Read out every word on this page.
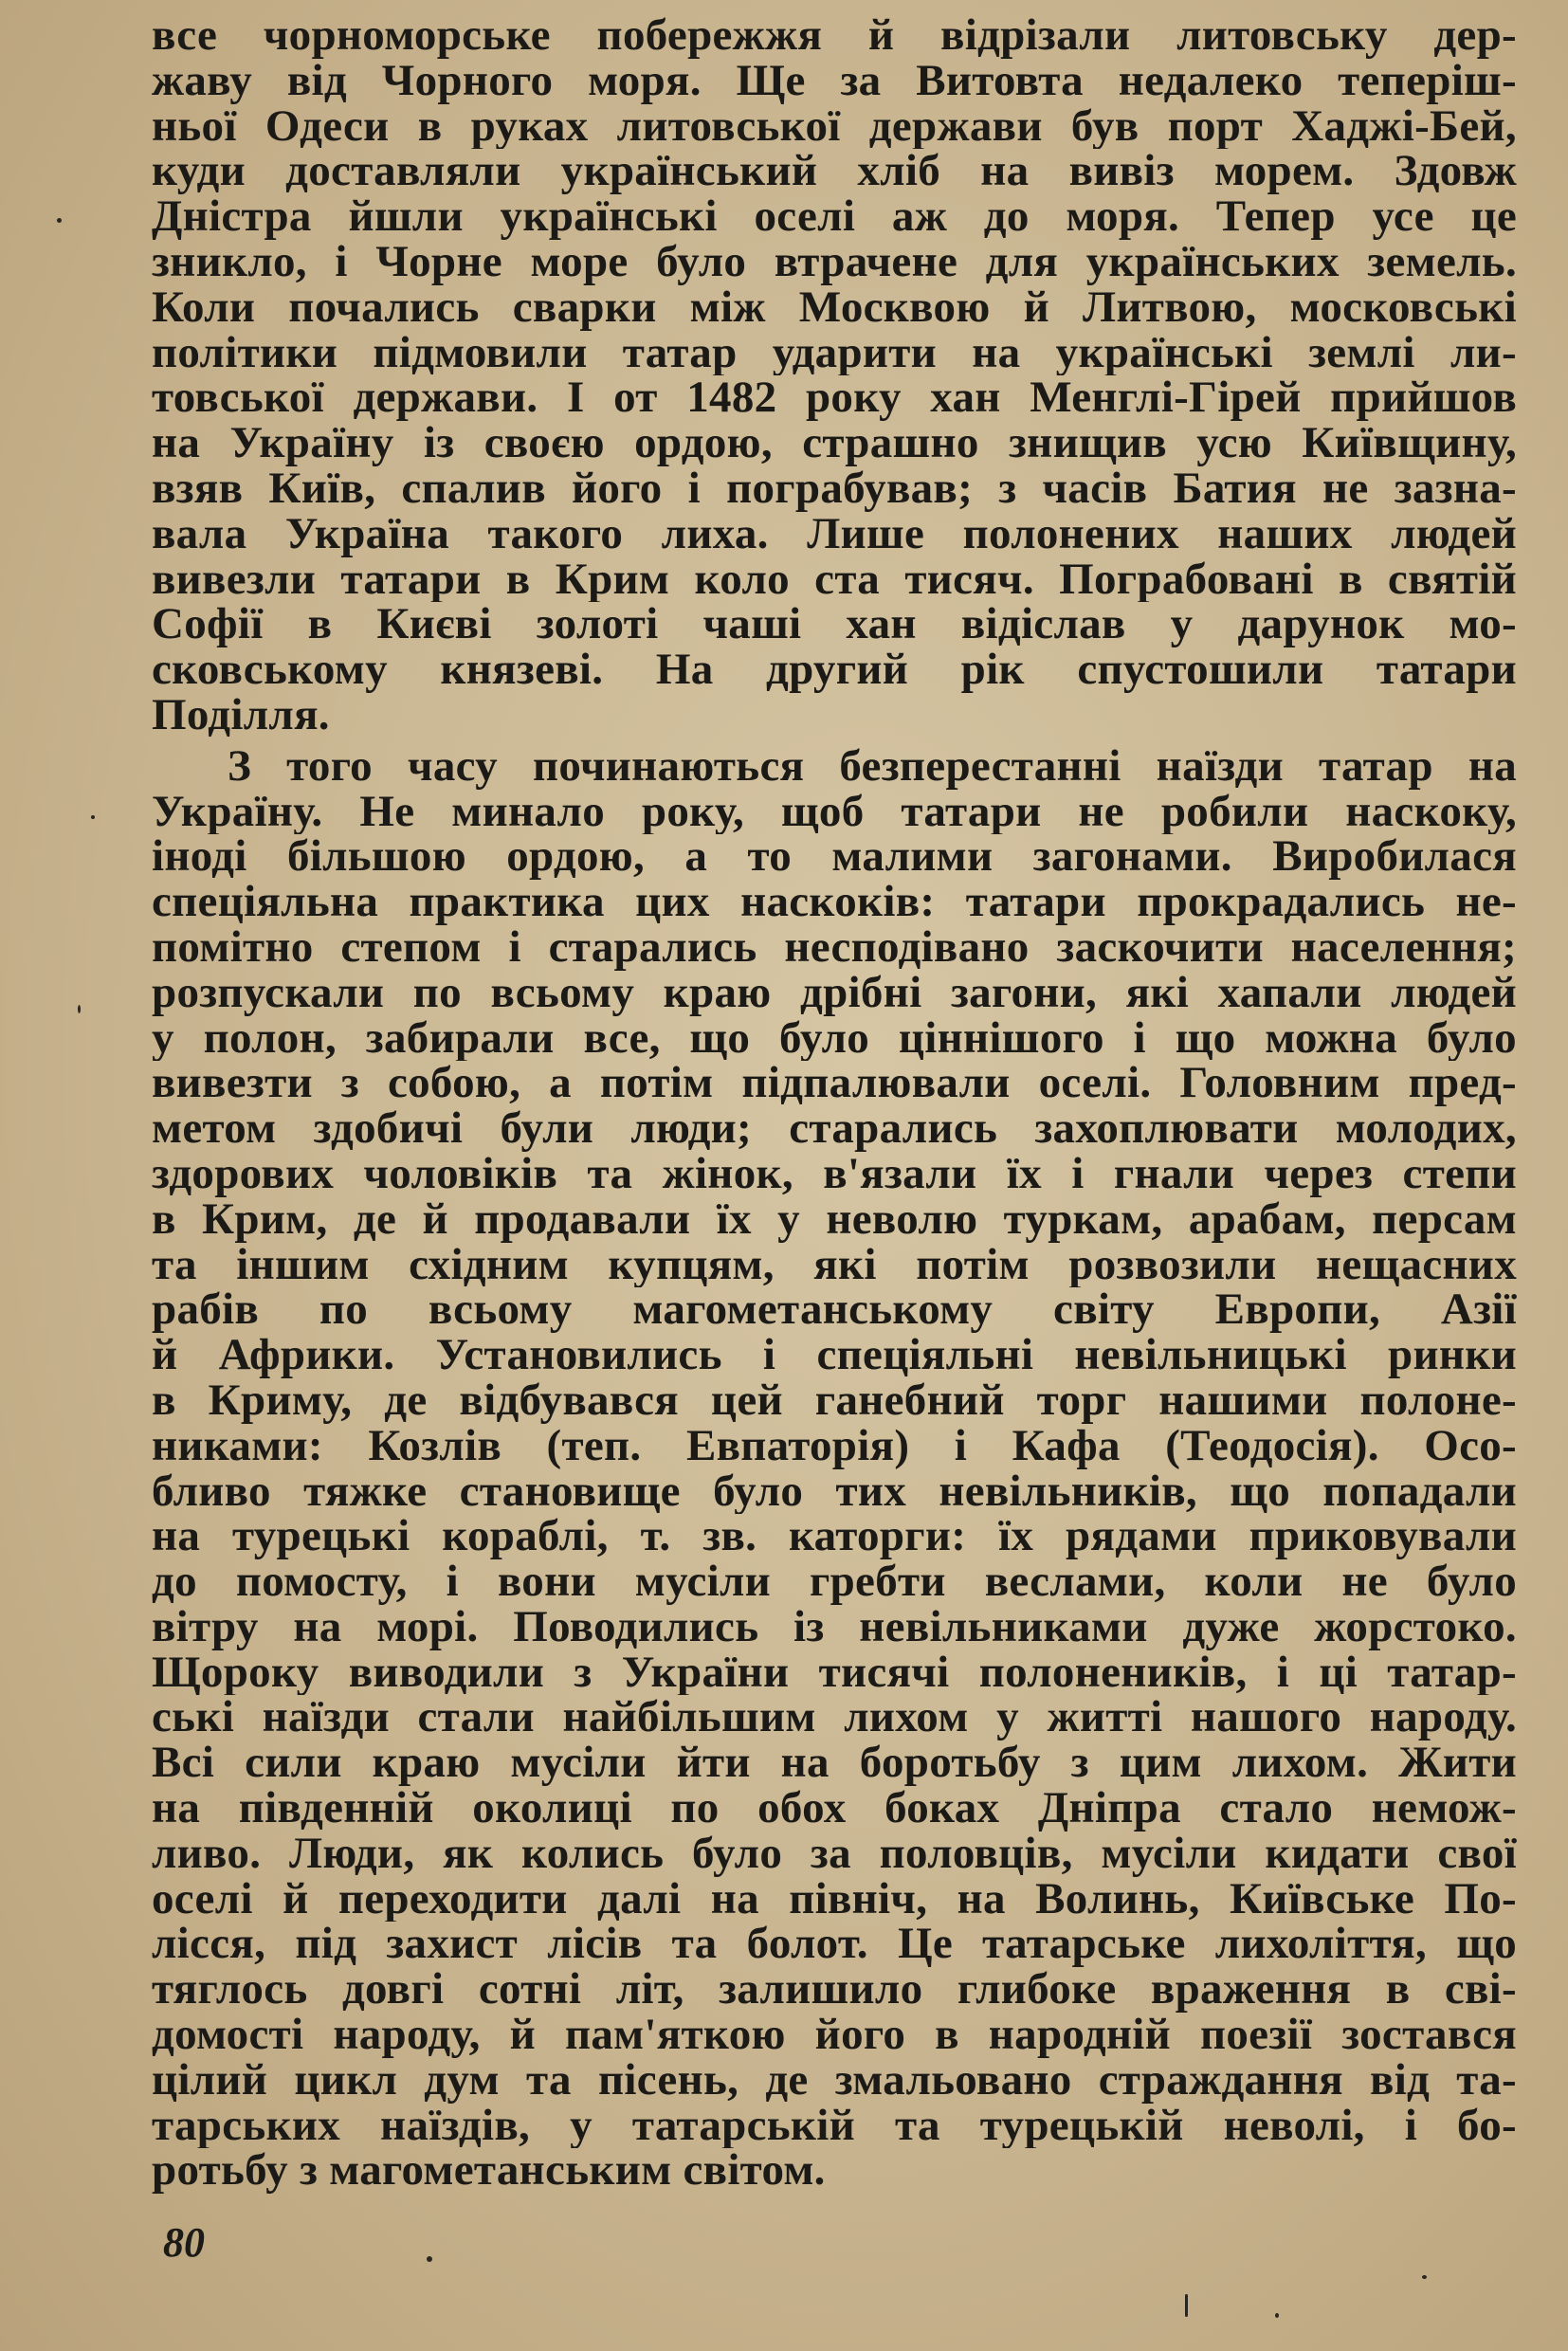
все чорноморське побережжя й відрізали литовську дер-
жаву від Чорного моря. Ще за Витовта недалеко теперіш-
ньої Одеси в руках литовської держави був порт Хаджі-Бей,
куди доставляли український хліб на вивіз морем. Здовж
Дністра йшли українські оселі аж до моря. Тепер усе це
зникло, і Чорне море було втрачене для українських земель.
Коли почались сварки між Москвою й Литвою, московські
політики підмовили татар ударити на українські землі ли-
товської держави. І от 1482 року хан Менглі-Гірей прийшов
на Україну із своєю ордою, страшно знищив усю Київщину,
взяв Київ, спалив його і пограбував; з часів Батия не зазна-
вала Україна такого лиха. Лише полонених наших людей
вивезли татари в Крим коло ста тисяч. Пограбовані в святій
Софії в Києві золоті чаші хан відіслав у дарунок мо-
сковському князеві. На другий рік спустошили татари
Поділля.
З того часу починаються безперестанні наїзди татар на
Україну. Не минало року, щоб татари не робили наскоку,
іноді більшою ордою, а то малими загонами. Виробилася
спеціяльна практика цих наскоків: татари прокрадались не-
помітно степом і старались несподівано заскочити населення;
розпускали по всьому краю дрібні загони, які хапали людей
у полон, забирали все, що було ціннішого і що можна було
вивезти з собою, а потім підпалювали оселі. Головним пред-
метом здобичі були люди; старались захоплювати молодих,
здорових чоловіків та жінок, в'язали їх і гнали через степи
в Крим, де й продавали їх у неволю туркам, арабам, персам
та іншим східним купцям, які потім розвозили нещасних
рабів по всьому магометанському світу Европи, Азії
й Африки. Установились і спеціяльні невільницькі ринки
в Криму, де відбувався цей ганебний торг нашими полоне-
никами: Козлів (теп. Евпаторія) і Кафа (Теодосія). Осо-
бливо тяжке становище було тих невільників, що попадали
на турецькі кораблі, т. зв. каторги: їх рядами приковували
до помосту, і вони мусіли гребти веслами, коли не було
вітру на морі. Поводились із невільниками дуже жорстоко.
Щороку виводили з України тисячі полонеників, і ці татар-
ські наїзди стали найбільшим лихом у житті нашого народу.
Всі сили краю мусіли йти на боротьбу з цим лихом. Жити
на південній околиці по обох боках Дніпра стало немож-
ливо. Люди, як колись було за половців, мусіли кидати свої
оселі й переходити далі на північ, на Волинь, Київське По-
лісся, під захист лісів та болот. Це татарське лихоліття, що
тяглось довгі сотні літ, залишило глибоке враження в сві-
домості народу, й пам'яткою його в народній поезії зостався
цілий цикл дум та пісень, де змальовано страждання від та-
тарських наїздів, у татарській та турецькій неволі, і бо-
ротьбу з магометанським світом.
80
